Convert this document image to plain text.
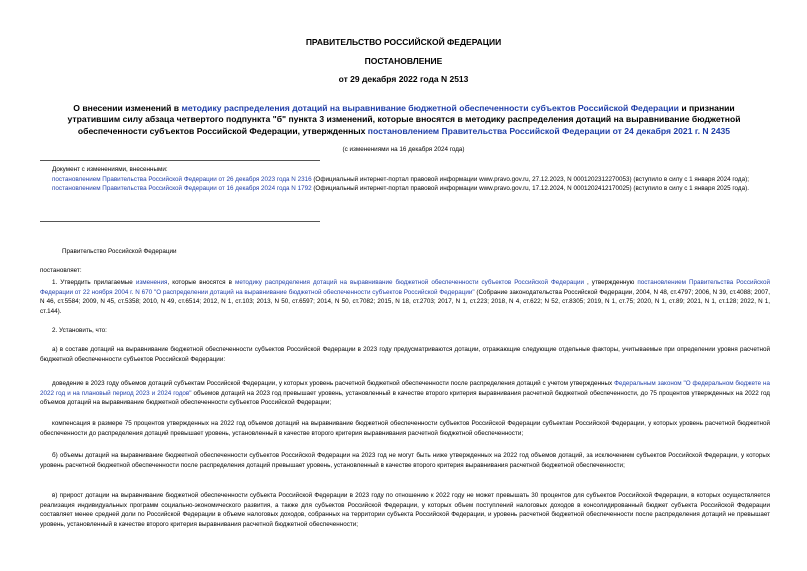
ПРАВИТЕЛЬСТВО РОССИЙСКОЙ ФЕДЕРАЦИИ
ПОСТАНОВЛЕНИЕ
от 29 декабря 2022 года N 2513
О внесении изменений в методику распределения дотаций на выравнивание бюджетной обеспеченности субъектов Российской Федерации и признании утратившим силу абзаца четвертого подпункта "б" пункта 3 изменений, которые вносятся в методику распределения дотаций на выравнивание бюджетной обеспеченности субъектов Российской Федерации, утвержденных постановлением Правительства Российской Федерации от 24 декабря 2021 г. N 2435
(с изменениями на 16 декабря 2024 года)
Документ с изменениями, внесенными:
постановлением Правительства Российской Федерации от 26 декабря 2023 года N 2316 (Официальный интернет-портал правовой информации www.pravo.gov.ru, 27.12.2023, N 0001202312270053) (вступило в силу с 1 января 2024 года);
постановлением Правительства Российской Федерации от 16 декабря 2024 года N 1792 (Официальный интернет-портал правовой информации www.pravo.gov.ru, 17.12.2024, N 0001202412170025) (вступило в силу с 1 января 2025 года).
Правительство Российской Федерации
постановляет:
1. Утвердить прилагаемые изменения, которые вносятся в методику распределения дотаций на выравнивание бюджетной обеспеченности субъектов Российской Федерации , утвержденную постановлением Правительства Российской Федерации от 22 ноября 2004 г. N 670 "О распределении дотаций на выравнивание бюджетной обеспеченности субъектов Российской Федерации" (Собрание законодательства Российской Федерации, 2004, N 48, ст.4797; 2006, N 39, ст.4088; 2007, N 46, ст.5584; 2009, N 45, ст.5358; 2010, N 49, ст.6514; 2012, N 1, ст.103; 2013, N 50, ст.6597; 2014, N 50, ст.7082; 2015, N 18, ст.2703; 2017, N 1, ст.223; 2018, N 4, ст.622; N 52, ст.8305; 2019, N 1, ст.75; 2020, N 1, ст.89; 2021, N 1, ст.128; 2022, N 1, ст.144).
2. Установить, что:
а) в составе дотаций на выравнивание бюджетной обеспеченности субъектов Российской Федерации в 2023 году предусматриваются дотации, отражающие следующие отдельные факторы, учитываемые при определении уровня расчетной бюджетной обеспеченности субъектов Российской Федерации:
доведение в 2023 году объемов дотаций субъектам Российской Федерации, у которых уровень расчетной бюджетной обеспеченности после распределения дотаций с учетом утвержденных Федеральным законом "О федеральном бюджете на 2022 год и на плановый период 2023 и 2024 годов" объемов дотаций на 2023 год превышает уровень, установленный в качестве второго критерия выравнивания расчетной бюджетной обеспеченности, до 75 процентов утвержденных на 2022 год объемов дотаций на выравнивание бюджетной обеспеченности субъектов Российской Федерации;
компенсация в размере 75 процентов утвержденных на 2022 год объемов дотаций на выравнивание бюджетной обеспеченности субъектов Российской Федерации субъектам Российской Федерации, у которых уровень расчетной бюджетной обеспеченности до распределения дотаций превышает уровень, установленный в качестве второго критерия выравнивания расчетной бюджетной обеспеченности;
б) объемы дотаций на выравнивание бюджетной обеспеченности субъектов Российской Федерации на 2023 год не могут быть ниже утвержденных на 2022 год объемов дотаций, за исключением субъектов Российской Федерации, у которых уровень расчетной бюджетной обеспеченности после распределения дотаций превышает уровень, установленный в качестве второго критерия выравнивания расчетной бюджетной обеспеченности;
в) прирост дотации на выравнивание бюджетной обеспеченности субъекта Российской Федерации в 2023 году по отношению к 2022 году не может превышать 30 процентов для субъектов Российской Федерации, в которых осуществляется реализация индивидуальных программ социально-экономического развития, а также для субъектов Российской Федерации, у которых объем поступлений налоговых доходов в консолидированный бюджет субъекта Российской Федерации составляет менее средней доли по Российской Федерации в объеме налоговых доходов, собранных на территории субъекта Российской Федерации, и уровень расчетной бюджетной обеспеченности после распределения дотаций не превышает уровень, установленный в качестве второго критерия выравнивания расчетной бюджетной обеспеченности;
